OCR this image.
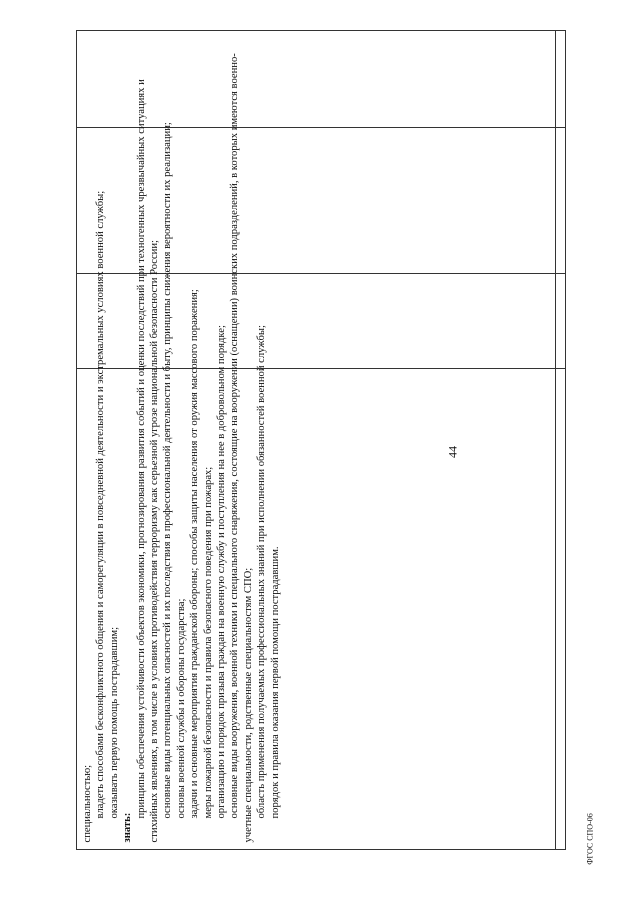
44

специальностью; владеть способами бесконфликтного общения и саморегуляции в повседневной деятельности и экстремальных условиях военной службы; оказывать первую помощь пострадавшим;

знать:

принципы обеспечения устойчивости объектов экономики, прогнозирования развития событий и оценки последствий при техногенных чрезвычайных ситуациях и стихийных явлениях, в том числе в условиях противодействия терроризму как серьезной угрозе национальной безопасности России; основные виды потенциальных опасностей и их последствия в профессиональной деятельности и быту, принципы снижения вероятности их реализации; основы военной службы и обороны государства; задачи и основные мероприятия гражданской обороны; способы защиты населения от оружия массового поражения; меры пожарной безопасности и правила безопасного поведения при пожарах; организацию и порядок призыва граждан на военную службу и поступления на нее в добровольном порядке; основные виды вооружения, военной техники и специального снаряжения, состоящие на вооружении (оснащении) воинских подразделений, в которых имеются военно-учетные специальности, родственные специальностям СПО; область применения получаемых профессиональных знаний при исполнении обязанностей военной службы; порядок и правила оказания первой помощи пострадавшим.

ФГОС СПО-06
